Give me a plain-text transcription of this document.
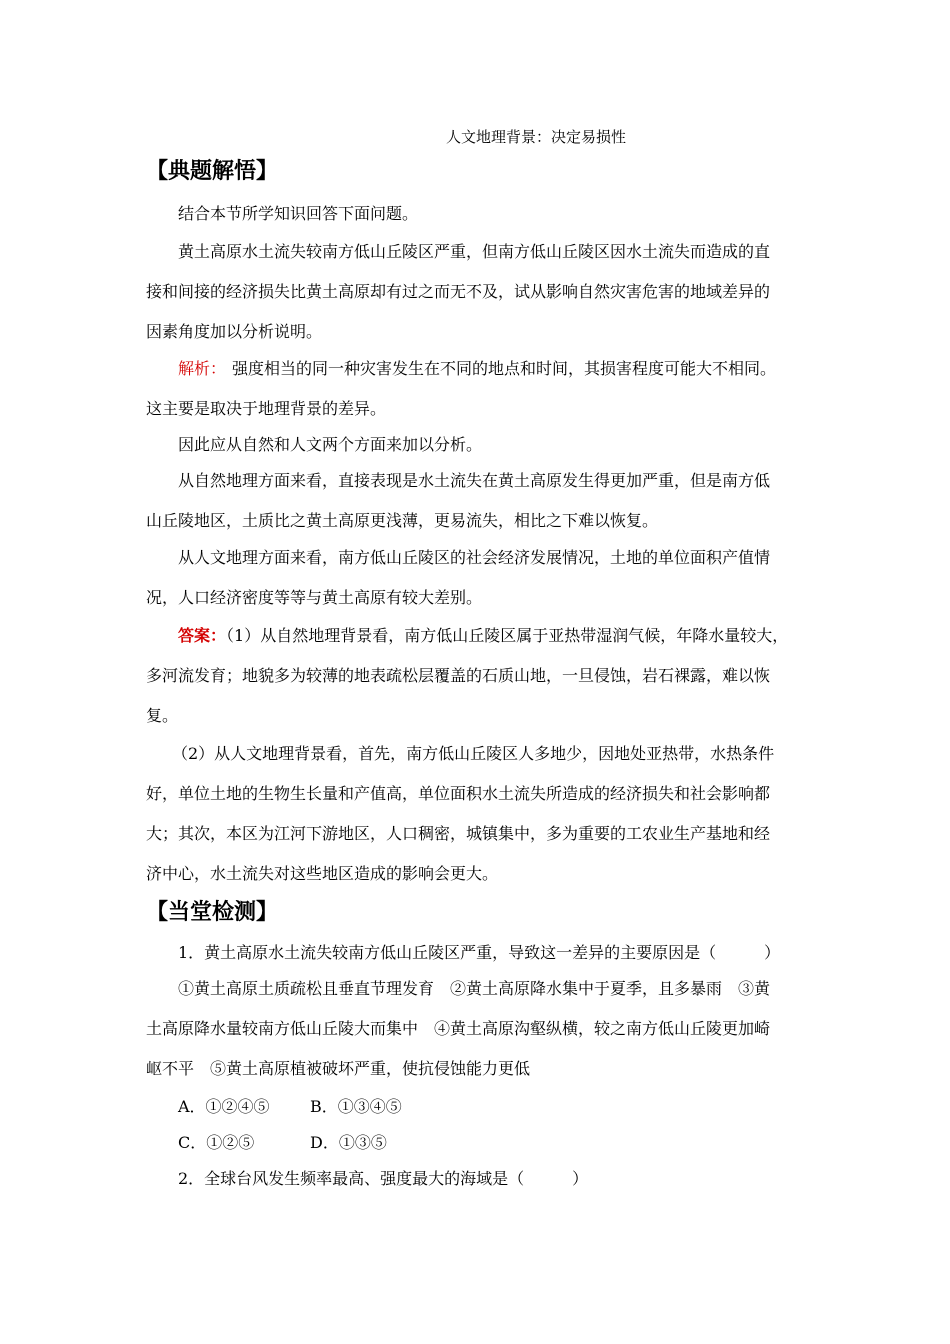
人文地理背景：决定易损性
【典题解悟】
结合本节所学知识回答下面问题。
黄土高原水土流失较南方低山丘陵区严重，但南方低山丘陵区因水土流失而造成的直
接和间接的经济损失比黄土高原却有过之而无不及，试从影响自然灾害危害的地域差异的
因素角度加以分析说明。
解析： 强度相当的同一种灾害发生在不同的地点和时间，其损害程度可能大不相同。
这主要是取决于地理背景的差异。
因此应从自然和人文两个方面来加以分析。
从自然地理方面来看，直接表现是水土流失在黄土高原发生得更加严重，但是南方低
山丘陵地区，土质比之黄土高原更浅薄，更易流失，相比之下难以恢复。
从人文地理方面来看，南方低山丘陵区的社会经济发展情况，土地的单位面积产值情
况，人口经济密度等等与黄土高原有较大差别。
答案：（1）从自然地理背景看，南方低山丘陵区属于亚热带湿润气候，年降水量较大，
多河流发育；地貌多为较薄的地表疏松层覆盖的石质山地，一旦侵蚀，岩石裸露，难以恢
复。
（2）从人文地理背景看，首先，南方低山丘陵区人多地少，因地处亚热带，水热条件
好，单位土地的生物生长量和产值高，单位面积水土流失所造成的经济损失和社会影响都
大；其次，本区为江河下游地区，人口稠密，城镇集中，多为重要的工农业生产基地和经
济中心，水土流失对这些地区造成的影响会更大。
【当堂检测】
1．黄土高原水土流失较南方低山丘陵区严重，导致这一差异的主要原因是（　　　）
①黄土高原土质疏松且垂直节理发育　②黄土高原降水集中于夏季，且多暴雨　③黄
土高原降水量较南方低山丘陵大而集中　④黄土高原沟壑纵横，较之南方低山丘陵更加崎
岖不平　⑤黄土高原植被破坏严重，使抗侵蚀能力更低
A．①②④⑤	B．①③④⑤
C．①②⑤	D．①③⑤
2．全球台风发生频率最高、强度最大的海域是（　　　）
